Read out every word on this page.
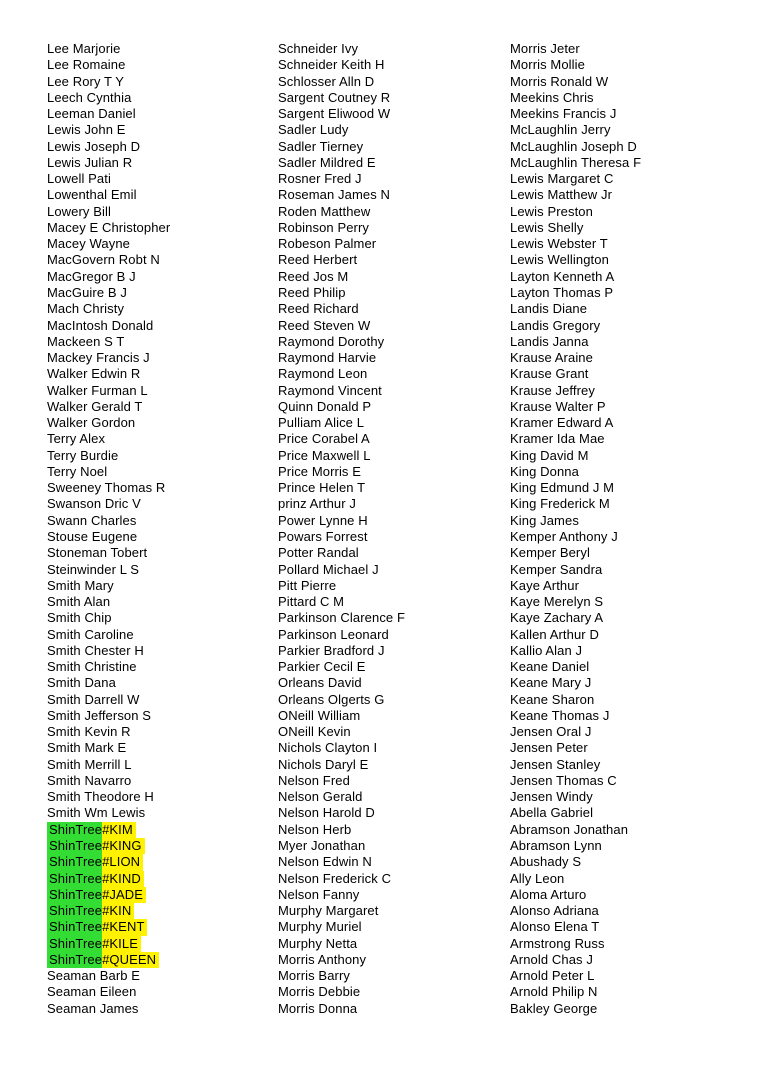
Lee Marjorie
Lee Romaine
Lee Rory T Y
Leech Cynthia
Leeman Daniel
Lewis John E
Lewis Joseph D
Lewis Julian R
Lowell Pati
Lowenthal Emil
Lowery Bill
Macey E Christopher
Macey Wayne
MacGovern Robt N
MacGregor B J
MacGuire B J
Mach Christy
MacIntosh Donald
Mackeen S T
Mackey Francis J
Walker Edwin R
Walker Furman L
Walker Gerald T
Walker Gordon
Terry Alex
Terry Burdie
Terry Noel
Sweeney Thomas R
Swanson Dric V
Swann Charles
Stouse Eugene
Stoneman Tobert
Steinwinder L S
Smith Mary
Smith Alan
Smith Chip
Smith Caroline
Smith Chester H
Smith Christine
Smith Dana
Smith Darrell W
Smith Jefferson S
Smith Kevin R
Smith Mark E
Smith Merrill L
Smith Navarro
Smith Theodore H
Smith Wm Lewis
ShinTree#KIM
ShinTree#KING
ShinTree#LION
ShinTree#KIND
ShinTree#JADE
ShinTree#KIN
ShinTree#KENT
ShinTree#KILE
ShinTree#QUEEN
Seaman Barb E
Seaman Eileen
Seaman James
Schneider Ivy
Schneider Keith H
Schlosser Alln D
Sargent Coutney R
Sargent Eliwood W
Sadler Ludy
Sadler Tierney
Sadler Mildred E
Rosner Fred J
Roseman James N
Roden Matthew
Robinson Perry
Robeson Palmer
Reed Herbert
Reed Jos M
Reed Philip
Reed Richard
Reed Steven W
Raymond Dorothy
Raymond Harvie
Raymond Leon
Raymond Vincent
Quinn Donald P
Pulliam Alice L
Price Corabel A
Price Maxwell L
Price Morris E
Prince Helen T
prinz Arthur J
Power Lynne H
Powars Forrest
Potter Randal
Pollard Michael J
Pitt Pierre
Pittard C M
Parkinson Clarence F
Parkinson Leonard
Parkier Bradford J
Parkier Cecil E
Orleans David
Orleans Olgerts G
ONeill William
ONeill Kevin
Nichols Clayton I
Nichols Daryl E
Nelson Fred
Nelson Gerald
Nelson Harold D
Nelson Herb
Myer Jonathan
Nelson Edwin N
Nelson Frederick C
Nelson Fanny
Murphy Margaret
Murphy Muriel
Murphy Netta
Morris Anthony
Morris Barry
Morris Debbie
Morris Donna
Morris Jeter
Morris Mollie
Morris Ronald W
Meekins Chris
Meekins Francis J
McLaughlin Jerry
McLaughlin Joseph D
McLaughlin Theresa F
Lewis Margaret C
Lewis Matthew Jr
Lewis Preston
Lewis Shelly
Lewis Webster T
Lewis Wellington
Layton Kenneth A
Layton Thomas P
Landis Diane
Landis Gregory
Landis Janna
Krause Araine
Krause Grant
Krause Jeffrey
Krause Walter P
Kramer Edward A
Kramer Ida Mae
King David M
King Donna
King Edmund J M
King Frederick M
King James
Kemper Anthony J
Kemper Beryl
Kemper Sandra
Kaye Arthur
Kaye Merelyn S
Kaye Zachary A
Kallen Arthur D
Kallio Alan J
Keane Daniel
Keane Mary J
Keane Sharon
Keane Thomas J
Jensen Oral J
Jensen Peter
Jensen Stanley
Jensen Thomas C
Jensen Windy
Abella Gabriel
Abramson Jonathan
Abramson Lynn
Abushady S
Ally Leon
Aloma Arturo
Alonso Adriana
Alonso Elena T
Armstrong Russ
Arnold Chas J
Arnold Peter L
Arnold Philip N
Bakley George
